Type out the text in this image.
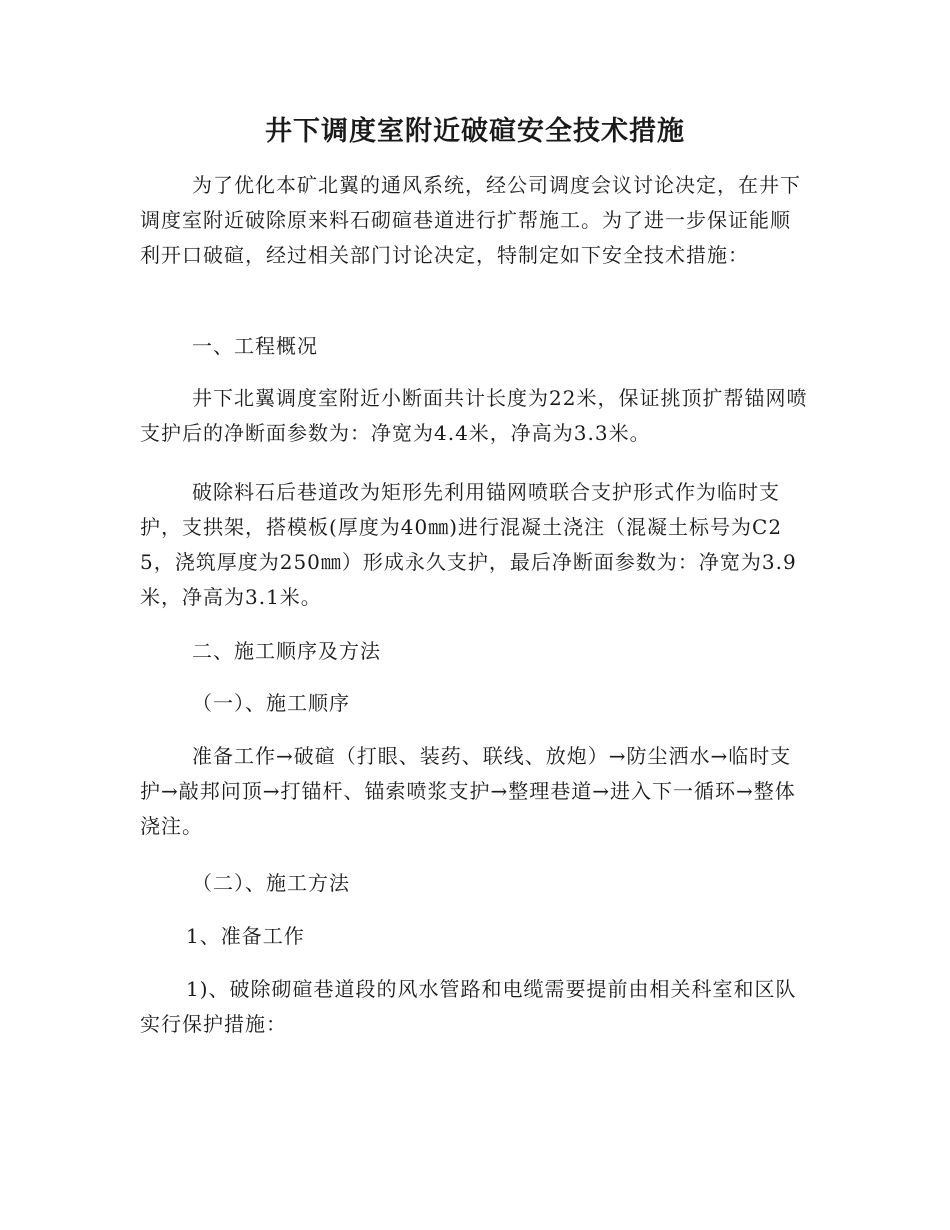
井下调度室附近破碹安全技术措施

为了优化本矿北翼的通风系统，经公司调度会议讨论决定，在井下调度室附近破除原来料石砌碹巷道进行扩帮施工。为了进一步保证能顺利开口破碹，经过相关部门讨论决定，特制定如下安全技术措施：

一、工程概况

井下北翼调度室附近小断面共计长度为22米，保证挑顶扩帮锚网喷支护后的净断面参数为：净宽为4.4米，净高为3.3米。

破除料石后巷道改为矩形先利用锚网喷联合支护形式作为临时支护，支拱架，搭模板(厚度为40㎜)进行混凝土浇注（混凝土标号为C25，浇筑厚度为250㎜）形成永久支护，最后净断面参数为：净宽为3.9米，净高为3.1米。

二、施工顺序及方法

（一）、施工顺序

准备工作→破碹（打眼、装药、联线、放炮）→防尘洒水→临时支护→敲邦问顶→打锚杆、锚索喷浆支护→整理巷道→进入下一循环→整体浇注。

（二）、施工方法

1、准备工作

1)、破除砌碹巷道段的风水管路和电缆需要提前由相关科室和区队实行保护措施：
